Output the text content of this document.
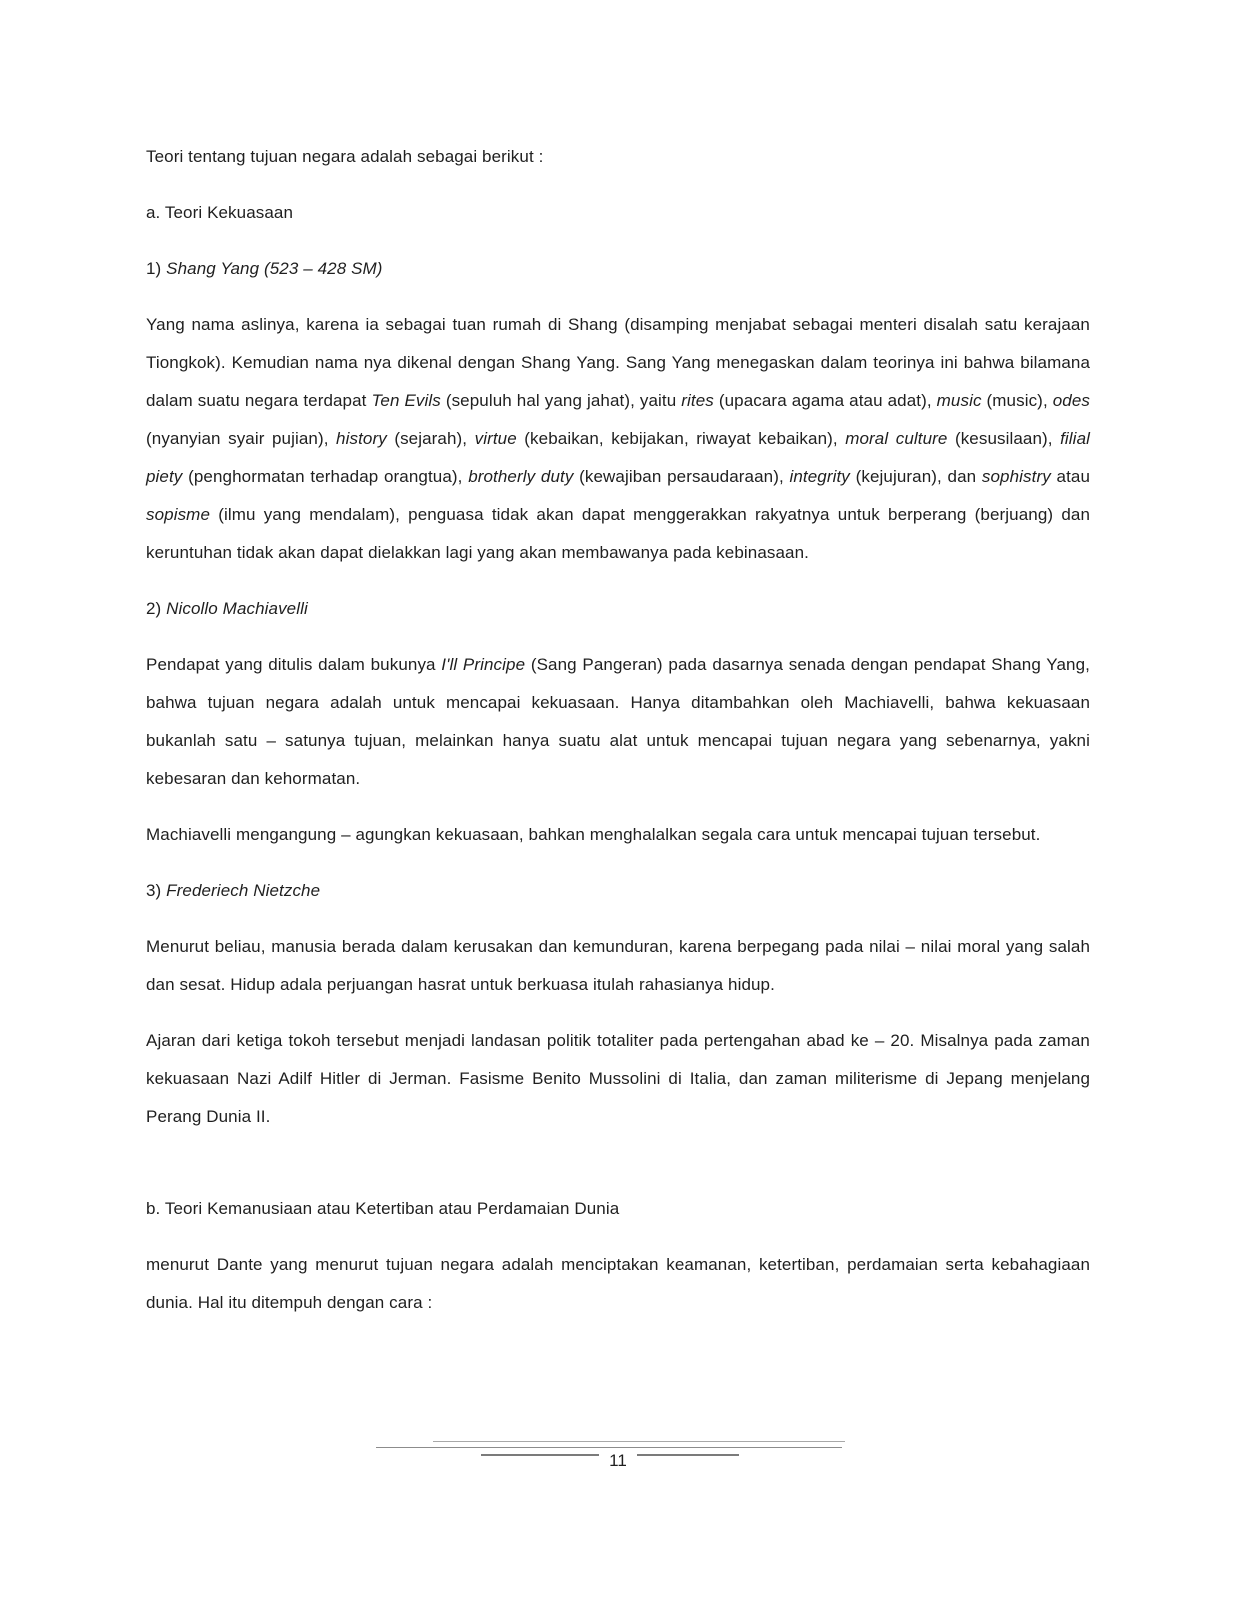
Teori tentang tujuan negara adalah sebagai berikut :

a. Teori Kekuasaan

1) Shang Yang (523 – 428 SM)

Yang nama aslinya, karena ia sebagai tuan rumah di Shang (disamping menjabat sebagai menteri disalah satu kerajaan Tiongkok). Kemudian nama nya dikenal dengan Shang Yang. Sang Yang menegaskan dalam teorinya ini bahwa bilamana dalam suatu negara terdapat Ten Evils (sepuluh hal yang jahat), yaitu rites (upacara agama atau adat), music (music), odes (nyanyian syair pujian), history (sejarah), virtue (kebaikan, kebijakan, riwayat kebaikan), moral culture (kesusilaan), filial piety (penghormatan terhadap orangtua), brotherly duty (kewajiban persaudaraan), integrity (kejujuran), dan sophistry atau sopisme (ilmu yang mendalam), penguasa tidak akan dapat menggerakkan rakyatnya untuk berperang (berjuang) dan keruntuhan tidak akan dapat dielakkan lagi yang akan membawanya pada kebinasaan.

2) Nicollo Machiavelli

Pendapat yang ditulis dalam bukunya I'll Principe (Sang Pangeran) pada dasarnya senada dengan pendapat Shang Yang, bahwa tujuan negara adalah untuk mencapai kekuasaan. Hanya ditambahkan oleh Machiavelli, bahwa kekuasaan bukanlah satu – satunya tujuan, melainkan hanya suatu alat untuk mencapai tujuan negara yang sebenarnya, yakni kebesaran dan kehormatan.

Machiavelli mengangung – agungkan kekuasaan, bahkan menghalalkan segala cara untuk mencapai tujuan tersebut.

3) Frederiech Nietzche

Menurut beliau, manusia berada dalam kerusakan dan kemunduran, karena berpegang pada nilai – nilai moral yang salah dan sesat. Hidup adala perjuangan hasrat untuk berkuasa itulah rahasianya hidup.

Ajaran dari ketiga tokoh tersebut menjadi landasan politik totaliter pada pertengahan abad ke – 20. Misalnya pada zaman kekuasaan Nazi Adilf Hitler di Jerman. Fasisme Benito Mussolini di Italia, dan zaman militerisme di Jepang menjelang Perang Dunia II.

b. Teori Kemanusiaan atau Ketertiban atau Perdamaian Dunia

menurut Dante yang menurut tujuan negara adalah menciptakan keamanan, ketertiban, perdamaian serta kebahagiaan dunia. Hal itu ditempuh dengan cara :

11
